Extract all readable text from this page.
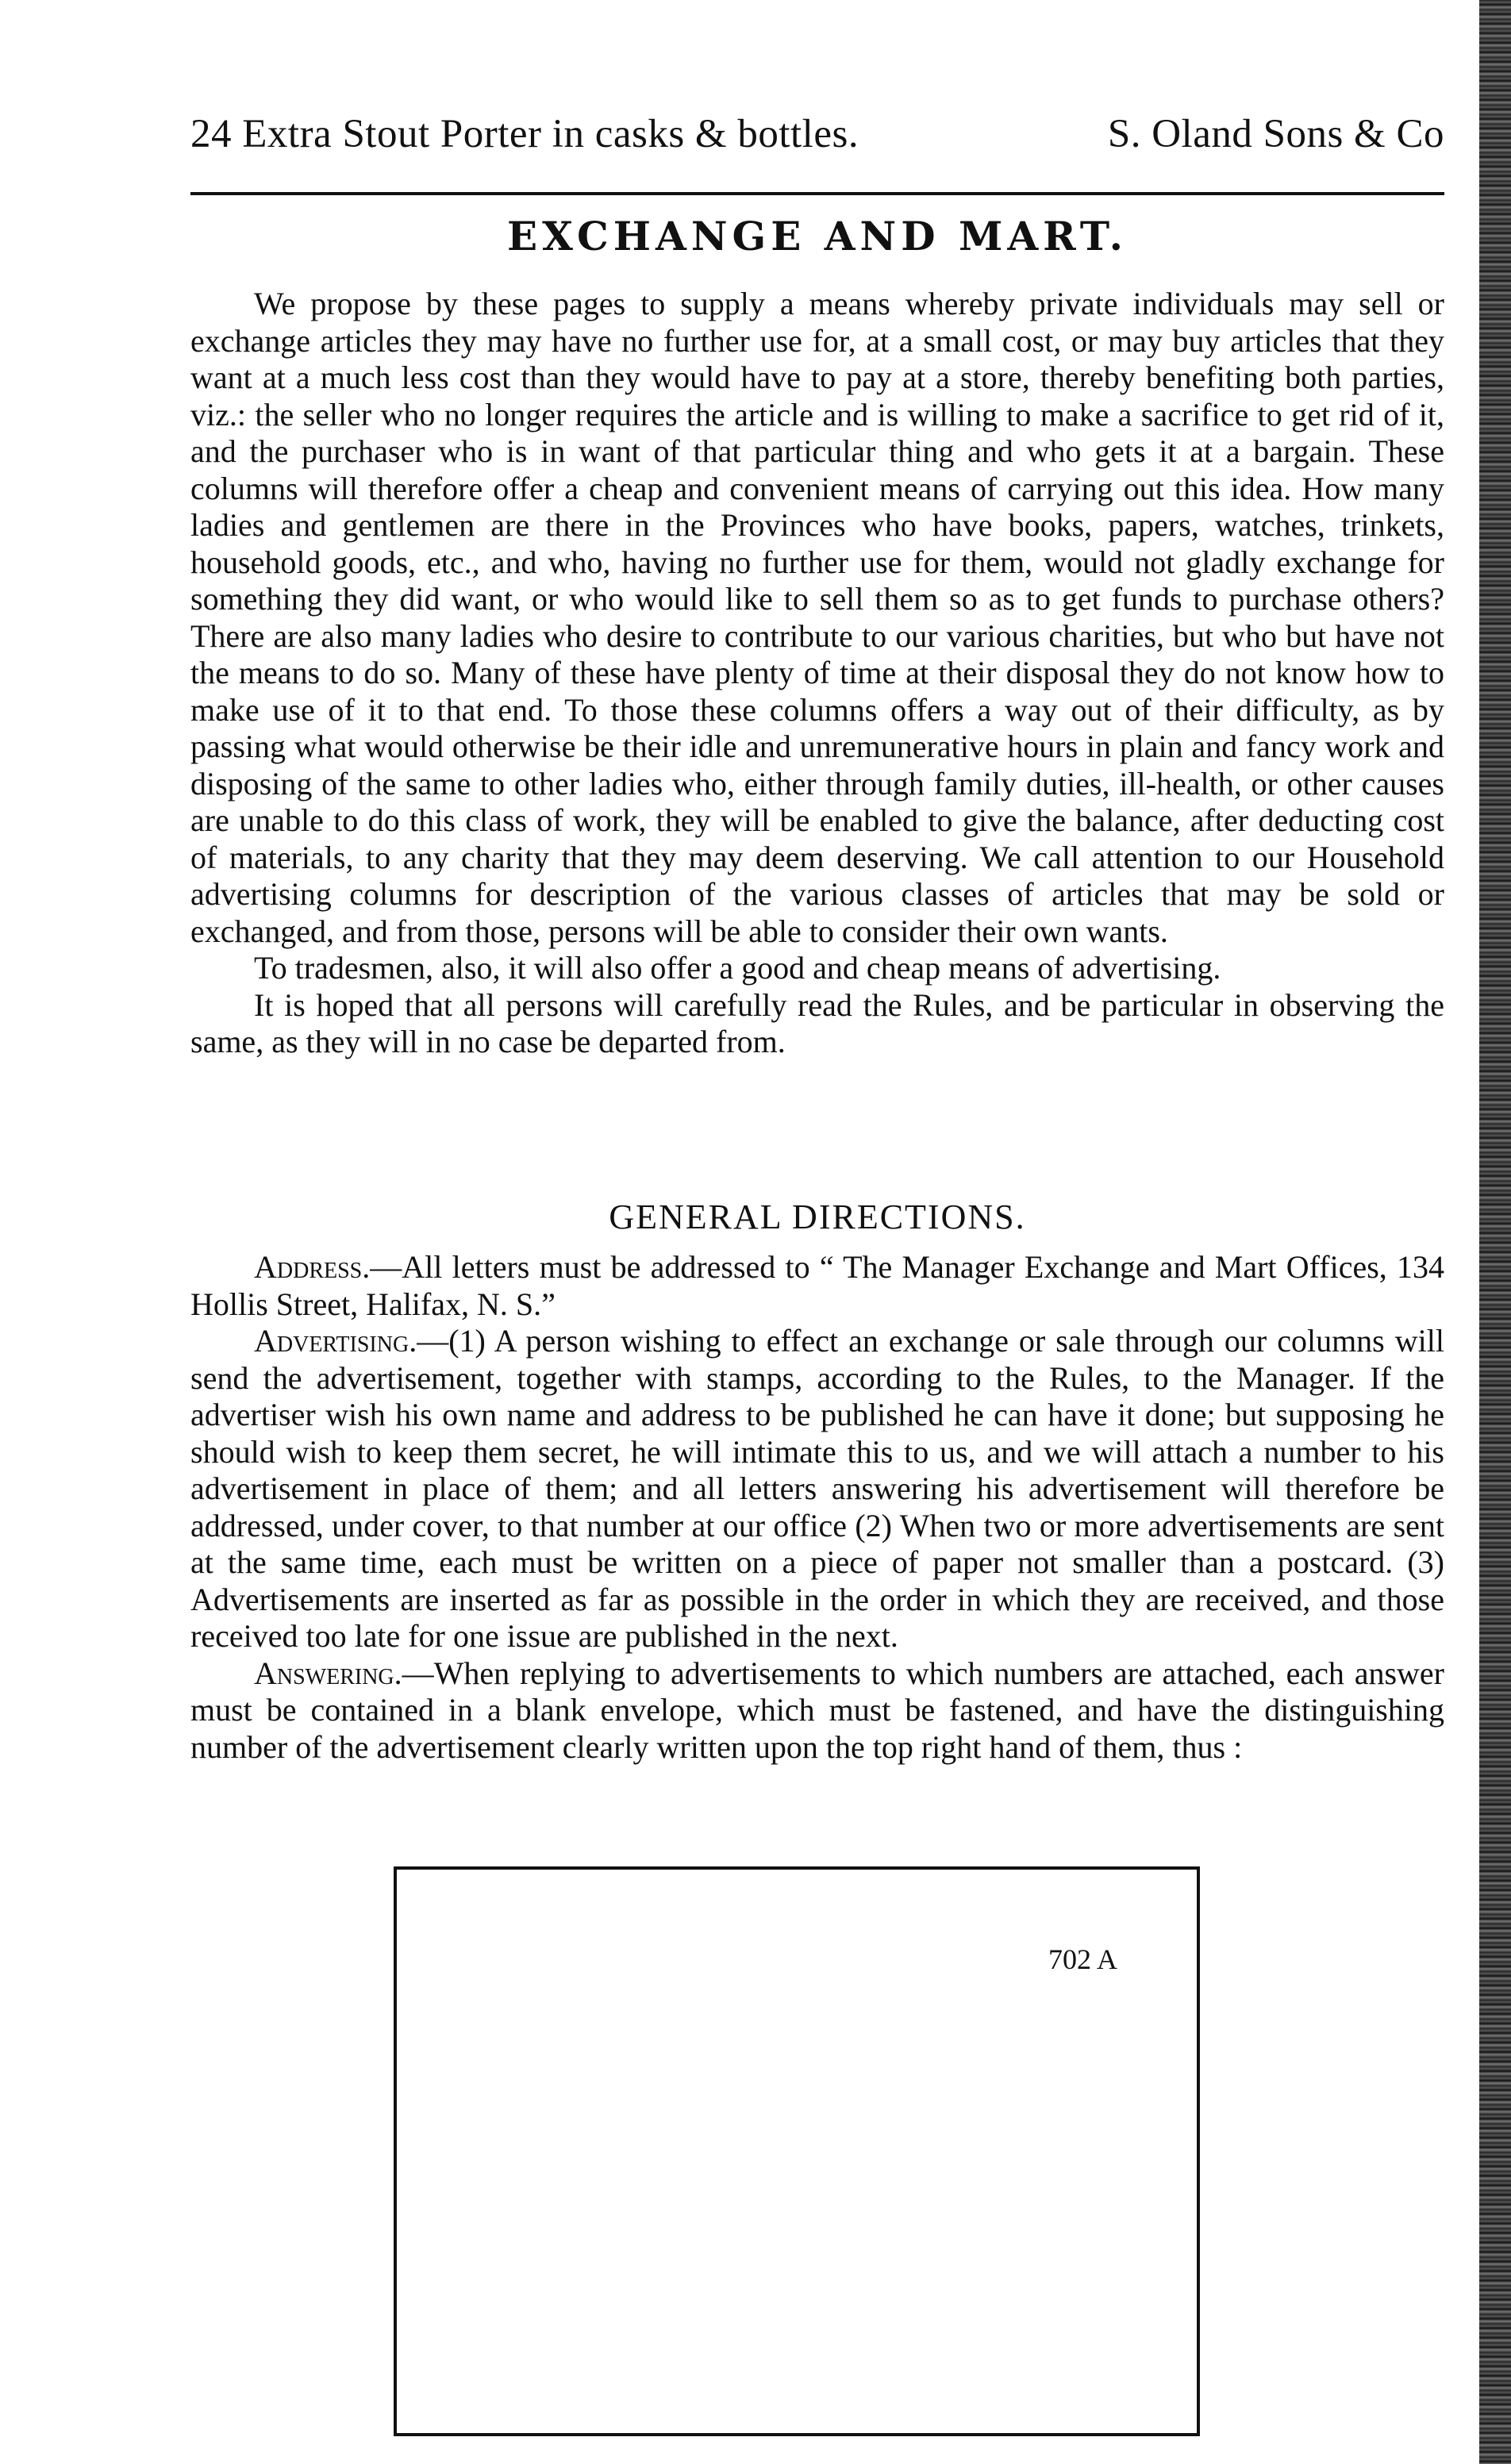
24 Extra Stout Porter in casks & bottles.	S. Oland Sons & Co
EXCHANGE AND MART.

We propose by these pages to supply a means whereby private individuals may sell or exchange articles they may have no further use for, at a small cost, or may buy articles that they want at a much less cost than they would have to pay at a store, thereby benefiting both parties, viz.: the seller who no longer requires the article and is willing to make a sacrifice to get rid of it, and the purchaser who is in want of that particular thing and who gets it at a bargain. These columns will therefore offer a cheap and convenient means of carrying out this idea. How many ladies and gentlemen are there in the Provinces who have books, papers, watches, trinkets, household goods, etc., and who, having no further use for them, would not gladly exchange for something they did want, or who would like to sell them so as to get funds to purchase others? There are also many ladies who desire to contribute to our various charities, but who but have not the means to do so. Many of these have plenty of time at their disposal they do not know how to make use of it to that end. To those these columns offers a way out of their difficulty, as by passing what would otherwise be their idle and unremunerative hours in plain and fancy work and disposing of the same to other ladies who, either through family duties, ill-health, or other causes are unable to do this class of work, they will be enabled to give the balance, after deducting cost of materials, to any charity that they may deem deserving. We call attention to our Household advertising columns for description of the various classes of articles that may be sold or exchanged, and from those, persons will be able to consider their own wants.

To tradesmen, also, it will also offer a good and cheap means of advertising.

It is hoped that all persons will carefully read the Rules, and be particular in observing the same, as they will in no case be departed from.

GENERAL DIRECTIONS.

Address.—All letters must be addressed to “ The Manager Exchange and Mart Offices, 134 Hollis Street, Halifax, N. S.”

Advertising.—(1) A person wishing to effect an exchange or sale through our columns will send the advertisement, together with stamps, according to the Rules, to the Manager. If the advertiser wish his own name and address to be published he can have it done; but supposing he should wish to keep them secret, he will intimate this to us, and we will attach a number to his advertisement in place of them; and all letters answering his advertisement will therefore be addressed, under cover, to that number at our office (2) When two or more advertisements are sent at the same time, each must be written on a piece of paper not smaller than a postcard. (3) Advertisements are inserted as far as possible in the order in which they are received, and those received too late for one issue are published in the next.

Answering.—When replying to advertisements to which numbers are attached, each answer must be contained in a blank envelope, which must be fastened, and have the distinguishing number of the advertisement clearly written upon the top right hand of them, thus :

702 A
